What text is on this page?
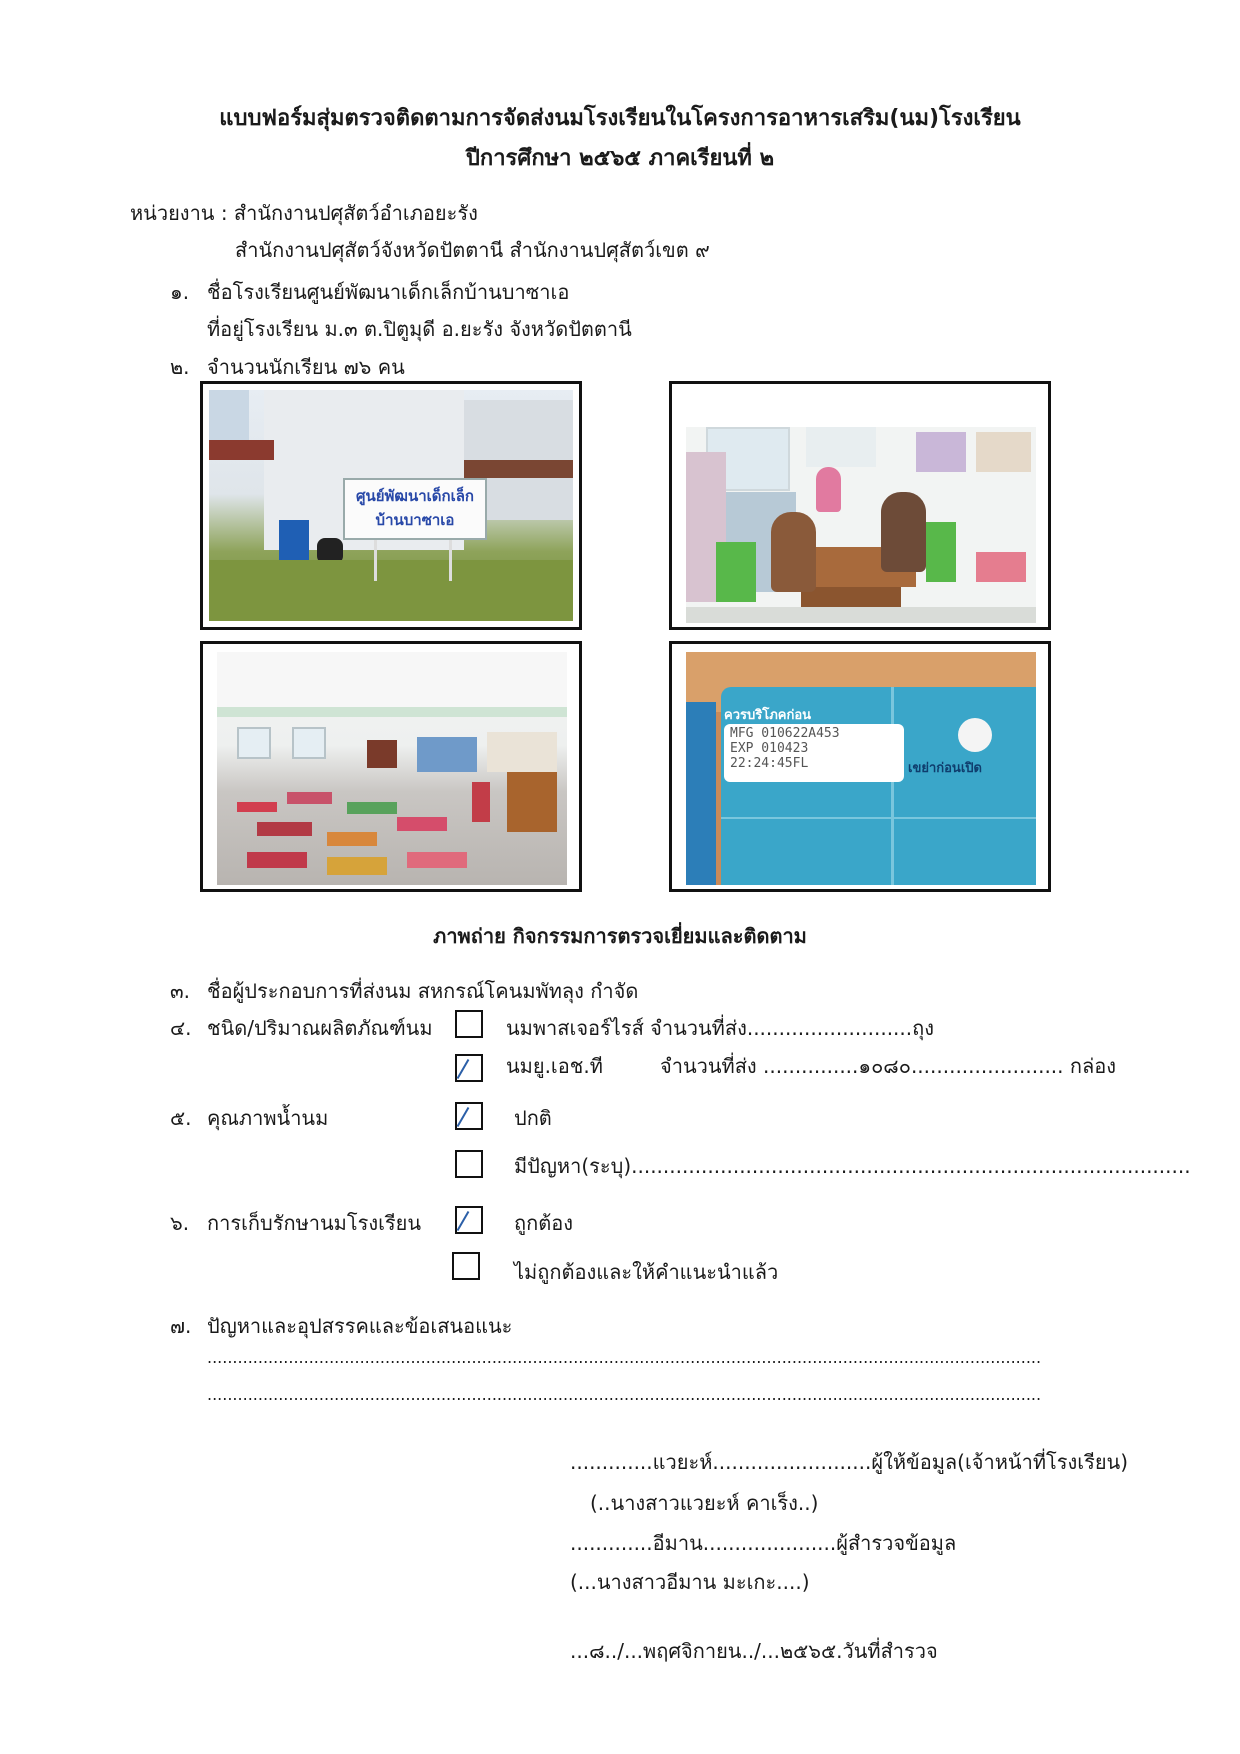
แบบฟอร์มสุ่มตรวจติดตามการจัดส่งนมโรงเรียนในโครงการอาหารเสริม(นม)โรงเรียน
ปีการศึกษา ๒๕๖๕ ภาคเรียนที่ ๒
หน่วยงาน : สำนักงานปศุสัตว์อำเภอยะรัง
สำนักงานปศุสัตว์จังหวัดปัตตานี สำนักงานปศุสัตว์เขต ๙
๑. ชื่อโรงเรียนศูนย์พัฒนาเด็กเล็กบ้านบาซาเอ
ที่อยู่โรงเรียน ม.๓ ต.ปิตูมุดี อ.ยะรัง จังหวัดปัตตานี
๒. จำนวนนักเรียน ๗๖ คน
ศูนย์พัฒนาเด็กเล็ก
บ้านบาซาเอ
ควรบริโภคก่อน
MFG 010622A453
EXP 010423
22:24:45FL	เขย่าก่อนเปิด
ภาพถ่าย กิจกรรมการตรวจเยี่ยมและติดตาม
๓. ชื่อผู้ประกอบการที่ส่งนม สหกรณ์โคนมพัทลุง กำจัด
๔. ชนิด/ปริมาณผลิตภัณฑ์นม	นมพาสเจอร์ไรส์ จำนวนที่ส่ง..........................ถุง
นมยู.เอช.ที	จำนวนที่ส่ง ...............๑๐๘๐........................ กล่อง
๕. คุณภาพน้ำนม	ปกติ
มีปัญหา(ระบุ)........................................................................................
๖. การเก็บรักษานมโรงเรียน	ถูกต้อง
ไม่ถูกต้องและให้คำแนะนำแล้ว
๗. ปัญหาและอุปสรรคและข้อเสนอแนะ
....................................................................................................................................................................
....................................................................................................................................................................
.............แวยะห์.........................ผู้ให้ข้อมูล(เจ้าหน้าที่โรงเรียน)
(..นางสาวแวยะห์ คาเร็ง..)
.............อีมาน.....................ผู้สำรวจข้อมูล
(...นางสาวอีมาน มะเกะ....)
...๘../...พฤศจิกายน../...๒๕๖๕.วันที่สำรวจ
